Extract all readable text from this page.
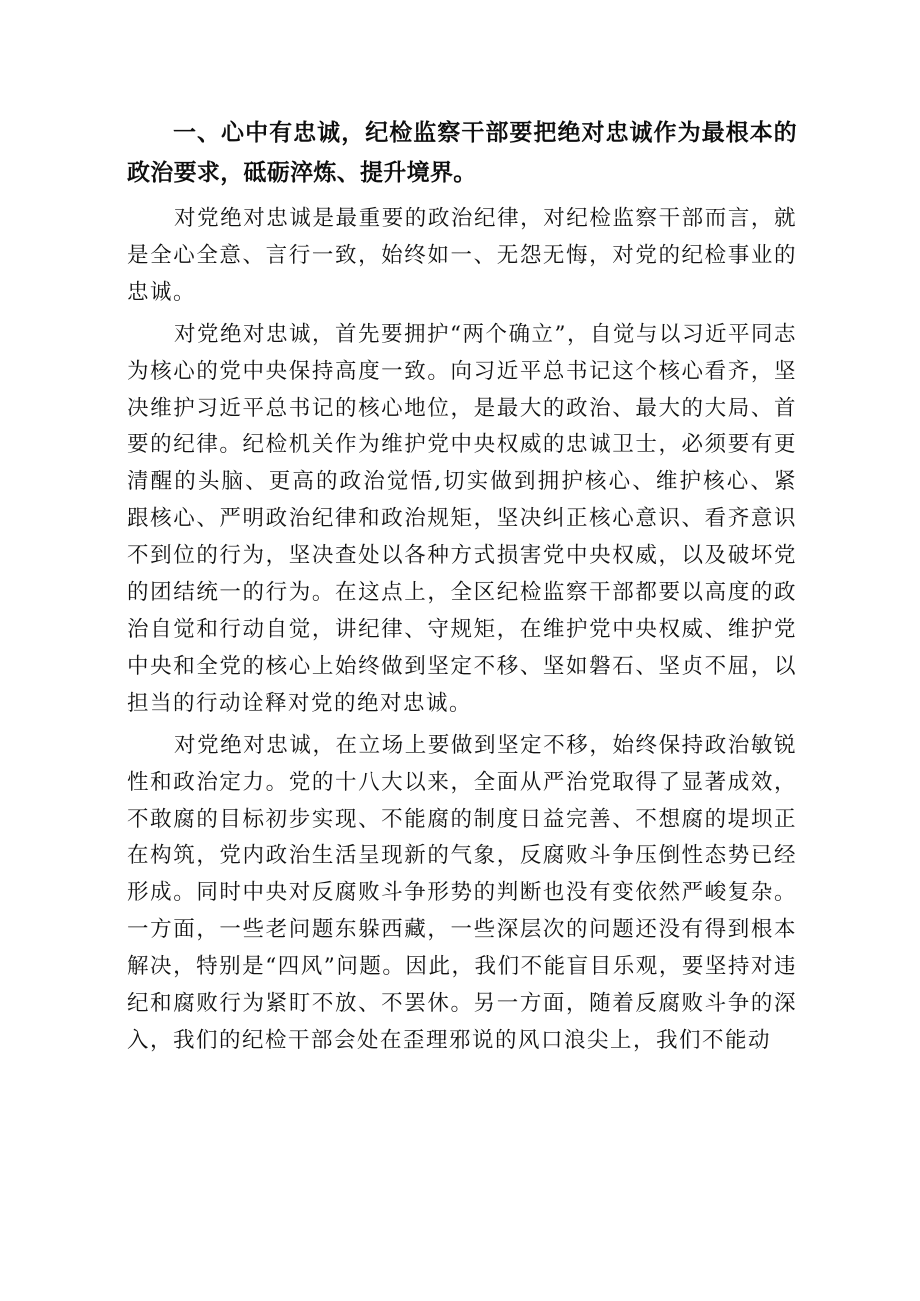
一、心中有忠诚，纪检监察干部要把绝对忠诚作为最根本的政治要求，砥砺淬炼、提升境界。

对党绝对忠诚是最重要的政治纪律，对纪检监察干部而言，就是全心全意、言行一致，始终如一、无怨无悔，对党的纪检事业的忠诚。

对党绝对忠诚，首先要拥护“两个确立”，自觉与以习近平同志为核心的党中央保持高度一致。向习近平总书记这个核心看齐，坚决维护习近平总书记的核心地位，是最大的政治、最大的大局、首要的纪律。纪检机关作为维护党中央权威的忠诚卫士，必须要有更清醒的头脑、更高的政治觉悟,切实做到拥护核心、维护核心、紧跟核心、严明政治纪律和政治规矩，坚决纠正核心意识、看齐意识不到位的行为，坚决查处以各种方式损害党中央权威，以及破坏党的团结统一的行为。在这点上，全区纪检监察干部都要以高度的政治自觉和行动自觉，讲纪律、守规矩，在维护党中央权威、维护党中央和全党的核心上始终做到坚定不移、坚如磐石、坚贞不屈，以担当的行动诠释对党的绝对忠诚。

对党绝对忠诚，在立场上要做到坚定不移，始终保持政治敏锐性和政治定力。党的十八大以来，全面从严治党取得了显著成效，不敢腐的目标初步实现、不能腐的制度日益完善、不想腐的堤坝正在构筑，党内政治生活呈现新的气象，反腐败斗争压倒性态势已经形成。同时中央对反腐败斗争形势的判断也没有变依然严峻复杂。一方面，一些老问题东躲西藏，一些深层次的问题还没有得到根本解决，特别是“四风”问题。因此，我们不能盲目乐观，要坚持对违纪和腐败行为紧盯不放、不罢休。另一方面，随着反腐败斗争的深入，我们的纪检干部会处在歪理邪说的风口浪尖上，我们不能动
